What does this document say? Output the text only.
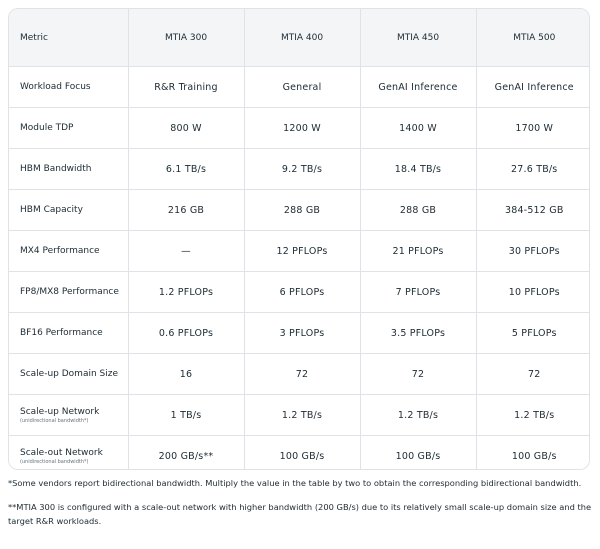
Metric	MTIA 300	MTIA 400	MTIA 450	MTIA 500
Workload Focus	R&R Training	General	GenAI Inference	GenAI Inference
Module TDP	800 W	1200 W	1400 W	1700 W
HBM Bandwidth	6.1 TB/s	9.2 TB/s	18.4 TB/s	27.6 TB/s
HBM Capacity	216 GB	288 GB	288 GB	384-512 GB
MX4 Performance	—	12 PFLOPs	21 PFLOPs	30 PFLOPs
FP8/MX8 Performance	1.2 PFLOPs	6 PFLOPs	7 PFLOPs	10 PFLOPs
BF16 Performance	0.6 PFLOPs	3 PFLOPs	3.5 PFLOPs	5 PFLOPs
Scale-up Domain Size	16	72	72	72
Scale-up Network
(unidirectional bandwidth*)	1 TB/s	1.2 TB/s	1.2 TB/s	1.2 TB/s
Scale-out Network
(unidirectional bandwidth*)	200 GB/s**	100 GB/s	100 GB/s	100 GB/s

*Some vendors report bidirectional bandwidth. Multiply the value in the table by two to obtain the corresponding bidirectional bandwidth.

**MTIA 300 is configured with a scale-out network with higher bandwidth (200 GB/s) due to its relatively small scale-up domain size and the target R&R workloads.
